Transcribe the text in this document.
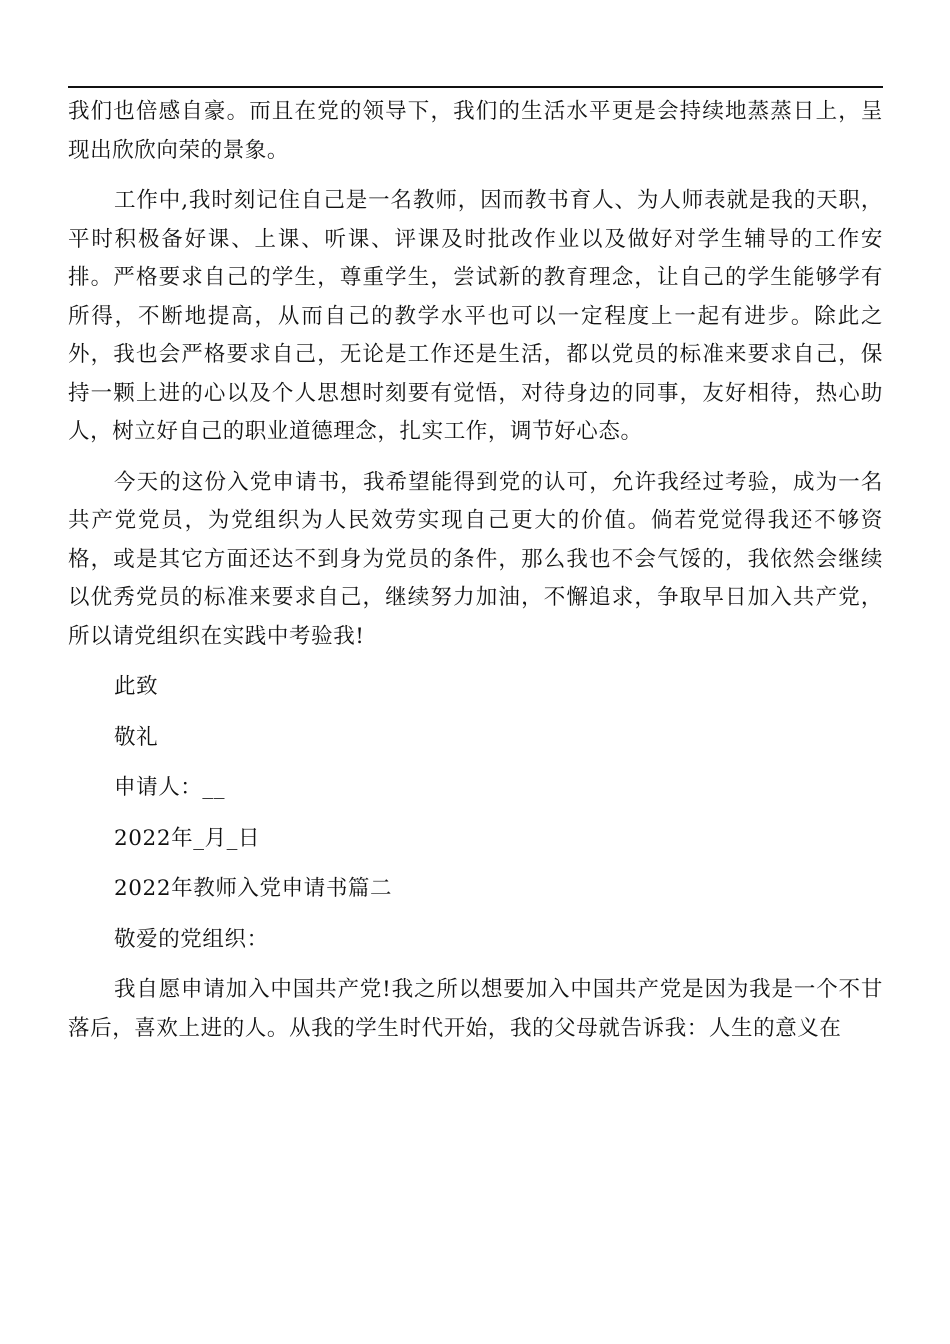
我们也倍感自豪。而且在党的领导下，我们的生活水平更是会持续地蒸蒸日上，呈现出欣欣向荣的景象。

工作中,我时刻记住自己是一名教师，因而教书育人、为人师表就是我的天职，平时积极备好课、上课、听课、评课及时批改作业以及做好对学生辅导的工作安排。严格要求自己的学生，尊重学生，尝试新的教育理念，让自己的学生能够学有所得，不断地提高，从而自己的教学水平也可以一定程度上一起有进步。除此之外，我也会严格要求自己，无论是工作还是生活，都以党员的标准来要求自己，保持一颗上进的心以及个人思想时刻要有觉悟，对待身边的同事，友好相待，热心助人，树立好自己的职业道德理念，扎实工作，调节好心态。

今天的这份入党申请书，我希望能得到党的认可，允许我经过考验，成为一名共产党党员，为党组织为人民效劳实现自己更大的价值。倘若党觉得我还不够资格，或是其它方面还达不到身为党员的条件，那么我也不会气馁的，我依然会继续以优秀党员的标准来要求自己，继续努力加油，不懈追求，争取早日加入共产党，所以请党组织在实践中考验我!

此致

敬礼

申请人：__

2022年_月_日

2022年教师入党申请书篇二

敬爱的党组织：

我自愿申请加入中国共产党!我之所以想要加入中国共产党是因为我是一个不甘落后，喜欢上进的人。从我的学生时代开始，我的父母就告诉我：人生的意义在
